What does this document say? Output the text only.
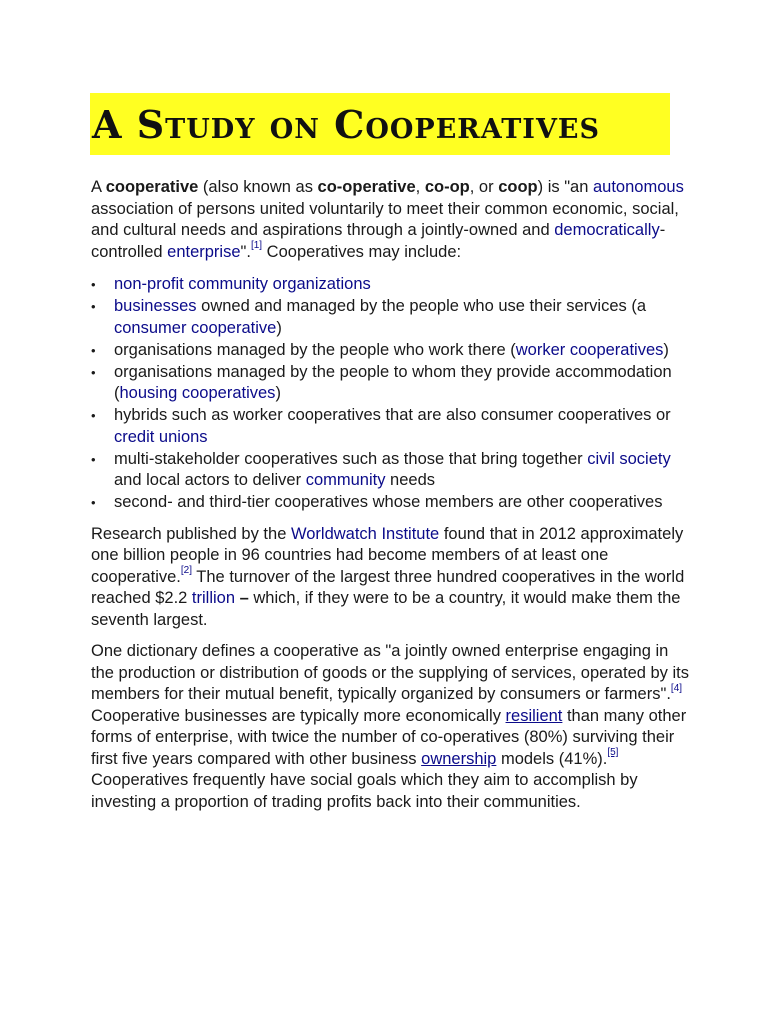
A Study on Cooperatives

A cooperative (also known as co-operative, co-op, or coop) is "an autonomous association of persons united voluntarily to meet their common economic, social, and cultural needs and aspirations through a jointly-owned and democratically-controlled enterprise".[1] Cooperatives may include:

• non-profit community organizations
• businesses owned and managed by the people who use their services (a consumer cooperative)
• organisations managed by the people who work there (worker cooperatives)
• organisations managed by the people to whom they provide accommodation (housing cooperatives)
• hybrids such as worker cooperatives that are also consumer cooperatives or credit unions
• multi-stakeholder cooperatives such as those that bring together civil society and local actors to deliver community needs
• second- and third-tier cooperatives whose members are other cooperatives

Research published by the Worldwatch Institute found that in 2012 approximately one billion people in 96 countries had become members of at least one cooperative.[2] The turnover of the largest three hundred cooperatives in the world reached $2.2 trillion – which, if they were to be a country, it would make them the seventh largest.

One dictionary defines a cooperative as "a jointly owned enterprise engaging in the production or distribution of goods or the supplying of services, operated by its members for their mutual benefit, typically organized by consumers or farmers".[4] Cooperative businesses are typically more economically resilient than many other forms of enterprise, with twice the number of co-operatives (80%) surviving their first five years compared with other business ownership models (41%).[5] Cooperatives frequently have social goals which they aim to accomplish by investing a proportion of trading profits back into their communities.
